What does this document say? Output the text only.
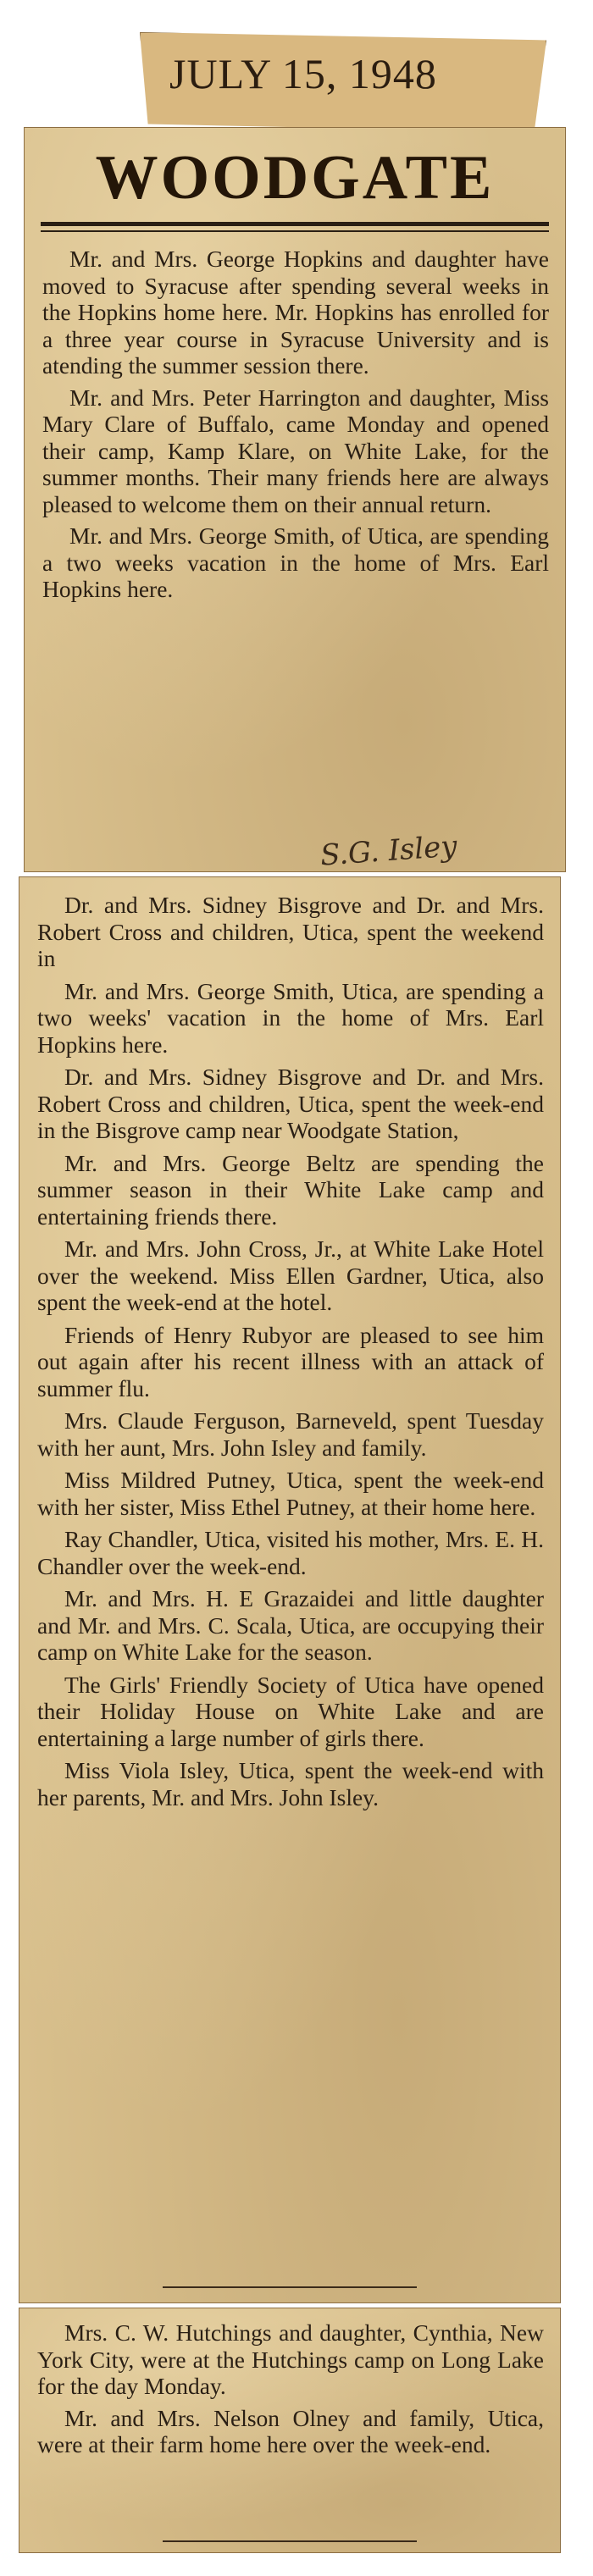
JULY 15, 1948
WOODGATE

Mr. and Mrs. George Hopkins and daughter have moved to Syracuse after spending several weeks in the Hopkins home here. Mr. Hopkins has enrolled for a three year course in Syracuse University and is atending the summer session there.

Mr. and Mrs. Peter Harrington and daughter, Miss Mary Clare of Buffalo, came Monday and opened their camp, Kamp Klare, on White Lake, for the summer months. Their many friends here are always pleased to welcome them on their annual return.

Mr. and Mrs. George Smith, of Utica, are spending a two weeks vacation in the home of Mrs. Earl Hopkins here.

S.G. Isley

Dr. and Mrs. Sidney Bisgrove and Dr. and Mrs. Robert Cross and children, Utica, spent the weekend in

Mr. and Mrs. George Smith, Utica, are spending a two weeks' vacation in the home of Mrs. Earl Hopkins here.

Dr. and Mrs. Sidney Bisgrove and Dr. and Mrs. Robert Cross and children, Utica, spent the week-end in the Bisgrove camp near Woodgate Station,

Mr. and Mrs. George Beltz are spending the summer season in their White Lake camp and entertaining friends there.

Mr. and Mrs. John Cross, Jr., at White Lake Hotel over the weekend. Miss Ellen Gardner, Utica, also spent the week-end at the hotel.

Friends of Henry Rubyor are pleased to see him out again after his recent illness with an attack of summer flu.

Mrs. Claude Ferguson, Barneveld, spent Tuesday with her aunt, Mrs. John Isley and family.

Miss Mildred Putney, Utica, spent the week-end with her sister, Miss Ethel Putney, at their home here.

Ray Chandler, Utica, visited his mother, Mrs. E. H. Chandler over the week-end.

Mr. and Mrs. H. E Grazaidei and little daughter and Mr. and Mrs. C. Scala, Utica, are occupying their camp on White Lake for the season.

The Girls' Friendly Society of Utica have opened their Holiday House on White Lake and are entertaining a large number of girls there.

Miss Viola Isley, Utica, spent the week-end with her parents, Mr. and Mrs. John Isley.

Mrs. C. W. Hutchings and daughter, Cynthia, New York City, were at the Hutchings camp on Long Lake for the day Monday.

Mr. and Mrs. Nelson Olney and family, Utica, were at their farm home here over the week-end.
